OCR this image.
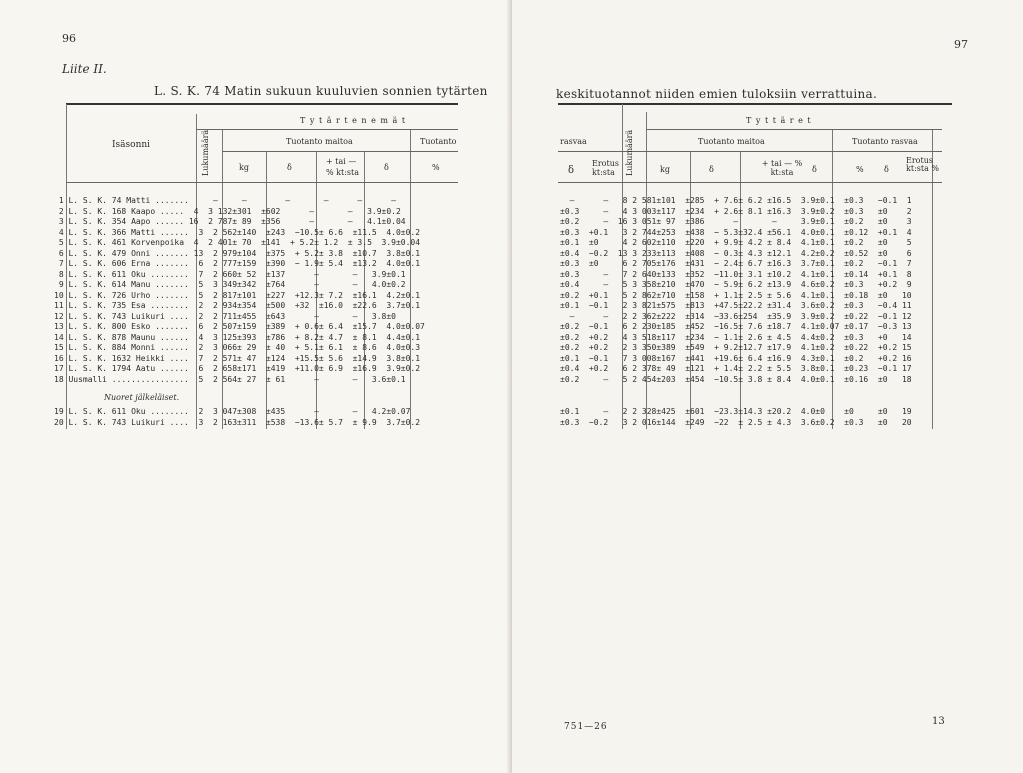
96
Liite II.
L. S. K. 74 Matin sukuun kuuluvien sonnien tytärten
T y t ä r t e n e m ä t
Isäsonni	Lukumäärä	Tuotanto maitoa	Tuotanto
kg	δ
+ tai —
% kt:sta
δ	%
1 L. S. K. 74 Matti .......     —     —        —       —      —      —
2 L. S. K. 168 Kaapo .....  4  3 132±301  ±602      —       —   3.9±0.2
3 L. S. K. 354 Aapo ...... 16  2 787± 89  ±356      —       —   4.1±0.04
4 L. S. K. 366 Matti ......  3  2 562±140  ±243  −10.5± 6.6  ±11.5  4.0±0.2
5 L. S. K. 461 Korvenpoika  4  2 401± 70  ±141  + 5.2± 1.2  ± 3.5  3.9±0.04
6 L. S. K. 479 Onni ....... 13  2 979±104  ±375  + 5.2± 3.8  ±10.7  3.8±0.1
7 L. S. K. 606 Erna .......  6  2 777±159  ±390  − 1.9± 5.4  ±13.2  4.0±0.1
8 L. S. K. 611 Oku ........  7  2 660± 52  ±137      —       —   3.9±0.1
9 L. S. K. 614 Manu .......  5  3 349±342  ±764      —       —   4.0±0.2
10 L. S. K. 726 Urho .......  5  2 817±101  ±227  +12.3± 7.2  ±16.1  4.2±0.1
11 L. S. K. 735 Esa ........  2  2 934±354  ±500  +32  ±16.0  ±22.6  3.7±0.1
12 L. S. K. 743 Luikuri ....  2  2 711±455  ±643      —       —   3.8±0
13 L. S. K. 800 Esko .......  6  2 507±159  ±389  + 0.6± 6.4  ±15.7  4.0±0.07
14 L. S. K. 878 Maunu ......  4  3 125±393  ±786  + 8.2± 4.7  ± 8.1  4.4±0.1
15 L. S. K. 884 Monni ......  2  3 066± 29  ± 40  + 5.1± 6.1  ± 8.6  4.0±0.3
16 L. S. K. 1632 Heikki ....  7  2 571± 47  ±124  +15.5± 5.6  ±14.9  3.8±0.1
17 L. S. K. 1794 Aatu ......  6  2 658±171  ±419  +11.0± 6.9  ±16.9  3.9±0.2
18 Uusmalli ................  5  2 564± 27  ± 61      —       —   3.6±0.1
Nuoret jälkeläiset.
19 L. S. K. 611 Oku ........  2  3 047±308  ±435      —       —   4.2±0.07
20 L. S. K. 743 Luikuri ....  3  2 163±311  ±538  −13.6± 5.7  ± 9.9  3.7±0.2
97
keskituotannot niiden emien tuloksiin verrattuina.
rasvaa	Lukumäärä
T y t t ä r e t
Tuotanto maitoa	Tuotanto rasvaa
δ
Erotus kt:sta	kg	δ
+ tai — % kt:sta	δ	%	δ
Erotus kt:sta %
—      —   8 2 581±101  ±285  + 7.6± 6.2 ±16.5  3.9±0.1  ±0.3   −0.1  1
±0.3     —   4 3 003±117  ±234  + 2.6± 8.1 ±16.3  3.9±0.2  ±0.3   ±0    2
±0.2     —  16 3 051± 97  ±386      —       —     3.9±0.1  ±0.2   ±0    3
±0.3  +0.1   3 2 744±253  ±438  − 5.3±32.4 ±56.1  4.0±0.1  ±0.12  +0.1  4
±0.1  ±0     4 2 602±110  ±220  + 9.9± 4.2 ± 8.4  4.1±0.1  ±0.2   ±0    5
±0.4  −0.2  13 3 233±113  ±408  − 0.3± 4.3 ±12.1  4.2±0.2  ±0.52  ±0    6
±0.3  ±0     6 2 705±176  ±431  − 2.4± 6.7 ±16.3  3.7±0.1  ±0.2   −0.1  7
±0.3     —   7 2 640±133  ±352  −11.0± 3.1 ±10.2  4.1±0.1  ±0.14  +0.1  8
±0.4     —   5 3 358±210  ±470  − 5.9± 6.2 ±13.9  4.6±0.2  ±0.3   +0.2  9
±0.2  +0.1   5 2 862±710  ±158  + 1.1± 2.5 ± 5.6  4.1±0.1  ±0.18  ±0   10
±0.1  −0.1   2 3 821±575  ±813  +47.5±22.2 ±31.4  3.6±0.2  ±0.3   −0.4 11
—      —   2 2 362±222  ±314  −33.6±254  ±35.9  3.9±0.2  ±0.22  −0.1 12
±0.2  −0.1   6 2 230±185  ±452  −16.5± 7.6 ±18.7  4.1±0.07 ±0.17  −0.3 13
±0.2  +0.2   4 3 518±117  ±234  − 1.1± 2.6 ± 4.5  4.4±0.2  ±0.3   +0   14
±0.2  +0.2   2 3 350±389  ±549  + 9.2±12.7 ±17.9  4.1±0.2  ±0.22  +0.2 15
±0.1  −0.1   7 3 008±167  ±441  +19.6± 6.4 ±16.9  4.3±0.1  ±0.2   +0.2 16
±0.4  +0.2   6 2 378± 49  ±121  + 1.4± 2.2 ± 5.5  3.8±0.1  ±0.23  −0.1 17
±0.2     —   5 2 454±203  ±454  −10.5± 3.8 ± 8.4  4.0±0.1  ±0.16  ±0   18
±0.1     —   2 2 328±425  ±601  −23.3±14.3 ±20.2  4.0±0    ±0     ±0   19
±0.3  −0.2   3 2 016±144  ±249  −22  ± 2.5 ± 4.3  3.6±0.2  ±0.3   ±0   20
751—26	13
